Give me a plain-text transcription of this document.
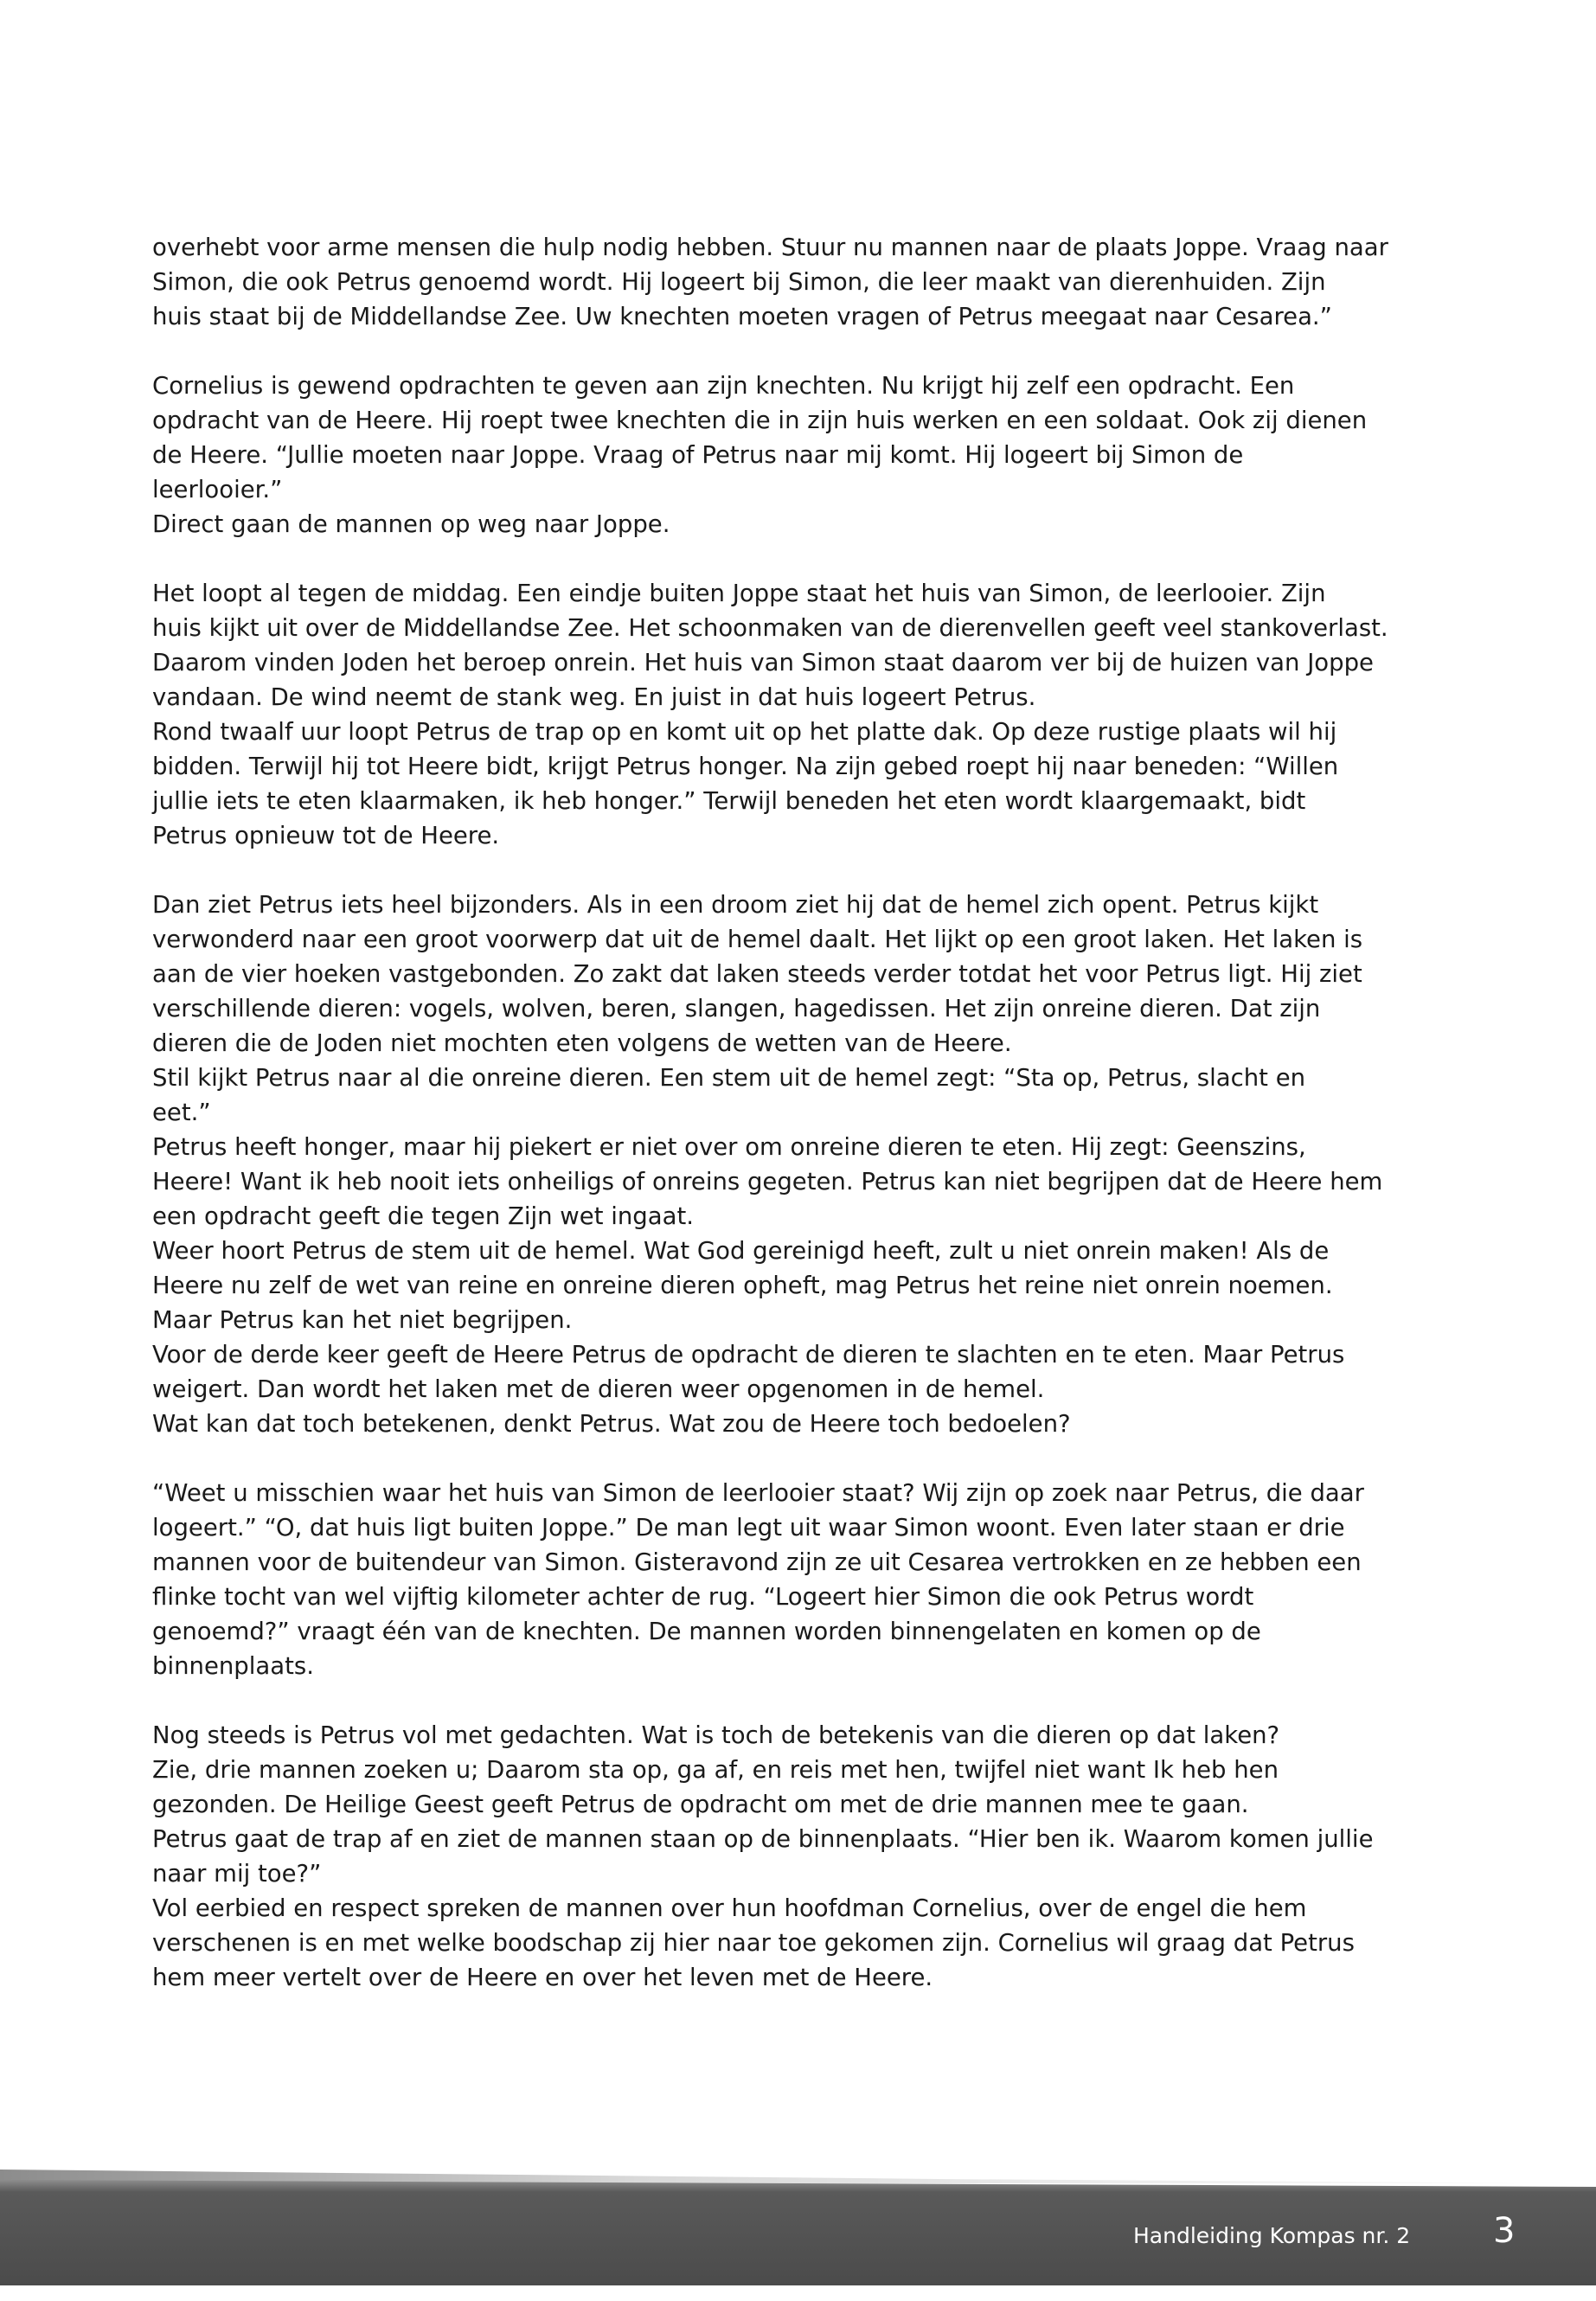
overhebt voor arme mensen die hulp nodig hebben. Stuur nu mannen naar de plaats Joppe. Vraag naar
Simon, die ook Petrus genoemd wordt. Hij logeert bij Simon, die leer maakt van dierenhuiden. Zijn
huis staat bij de Middellandse Zee. Uw knechten moeten vragen of Petrus meegaat naar Cesarea.”

Cornelius is gewend opdrachten te geven aan zijn knechten. Nu krijgt hij zelf een opdracht. Een
opdracht van de Heere. Hij roept twee knechten die in zijn huis werken en een soldaat. Ook zij dienen
de Heere. “Jullie moeten naar Joppe. Vraag of Petrus naar mij komt. Hij logeert bij Simon de
leerlooier.”
Direct gaan de mannen op weg naar Joppe.

Het loopt al tegen de middag. Een eindje buiten Joppe staat het huis van Simon, de leerlooier. Zijn
huis kijkt uit over de Middellandse Zee. Het schoonmaken van de dierenvellen geeft veel stankoverlast.
Daarom vinden Joden het beroep onrein. Het huis van Simon staat daarom ver bij de huizen van Joppe
vandaan. De wind neemt de stank weg. En juist in dat huis logeert Petrus.
Rond twaalf uur loopt Petrus de trap op en komt uit op het platte dak. Op deze rustige plaats wil hij
bidden. Terwijl hij tot Heere bidt, krijgt Petrus honger. Na zijn gebed roept hij naar beneden: “Willen
jullie iets te eten klaarmaken, ik heb honger.” Terwijl beneden het eten wordt klaargemaakt, bidt
Petrus opnieuw tot de Heere.

Dan ziet Petrus iets heel bijzonders. Als in een droom ziet hij dat de hemel zich opent. Petrus kijkt
verwonderd naar een groot voorwerp dat uit de hemel daalt. Het lijkt op een groot laken. Het laken is
aan de vier hoeken vastgebonden. Zo zakt dat laken steeds verder totdat het voor Petrus ligt. Hij ziet
verschillende dieren: vogels, wolven, beren, slangen, hagedissen. Het zijn onreine dieren. Dat zijn
dieren die de Joden niet mochten eten volgens de wetten van de Heere.
Stil kijkt Petrus naar al die onreine dieren. Een stem uit de hemel zegt: “Sta op, Petrus, slacht en
eet.”
Petrus heeft honger, maar hij piekert er niet over om onreine dieren te eten. Hij zegt: Geenszins,
Heere! Want ik heb nooit iets onheiligs of onreins gegeten. Petrus kan niet begrijpen dat de Heere hem
een opdracht geeft die tegen Zijn wet ingaat.
Weer hoort Petrus de stem uit de hemel. Wat God gereinigd heeft, zult u niet onrein maken! Als de
Heere nu zelf de wet van reine en onreine dieren opheft, mag Petrus het reine niet onrein noemen.
Maar Petrus kan het niet begrijpen.
Voor de derde keer geeft de Heere Petrus de opdracht de dieren te slachten en te eten. Maar Petrus
weigert. Dan wordt het laken met de dieren weer opgenomen in de hemel.
Wat kan dat toch betekenen, denkt Petrus. Wat zou de Heere toch bedoelen?

“Weet u misschien waar het huis van Simon de leerlooier staat? Wij zijn op zoek naar Petrus, die daar
logeert.” “O, dat huis ligt buiten Joppe.” De man legt uit waar Simon woont. Even later staan er drie
mannen voor de buitendeur van Simon. Gisteravond zijn ze uit Cesarea vertrokken en ze hebben een
flinke tocht van wel vijftig kilometer achter de rug. “Logeert hier Simon die ook Petrus wordt
genoemd?” vraagt één van de knechten. De mannen worden binnengelaten en komen op de
binnenplaats.

Nog steeds is Petrus vol met gedachten. Wat is toch de betekenis van die dieren op dat laken?
Zie, drie mannen zoeken u; Daarom sta op, ga af, en reis met hen, twijfel niet want Ik heb hen
gezonden. De Heilige Geest geeft Petrus de opdracht om met de drie mannen mee te gaan.
Petrus gaat de trap af en ziet de mannen staan op de binnenplaats. “Hier ben ik. Waarom komen jullie
naar mij toe?”
Vol eerbied en respect spreken de mannen over hun hoofdman Cornelius, over de engel die hem
verschenen is en met welke boodschap zij hier naar toe gekomen zijn. Cornelius wil graag dat Petrus
hem meer vertelt over de Heere en over het leven met de Heere.

Handleiding Kompas nr. 2 3
